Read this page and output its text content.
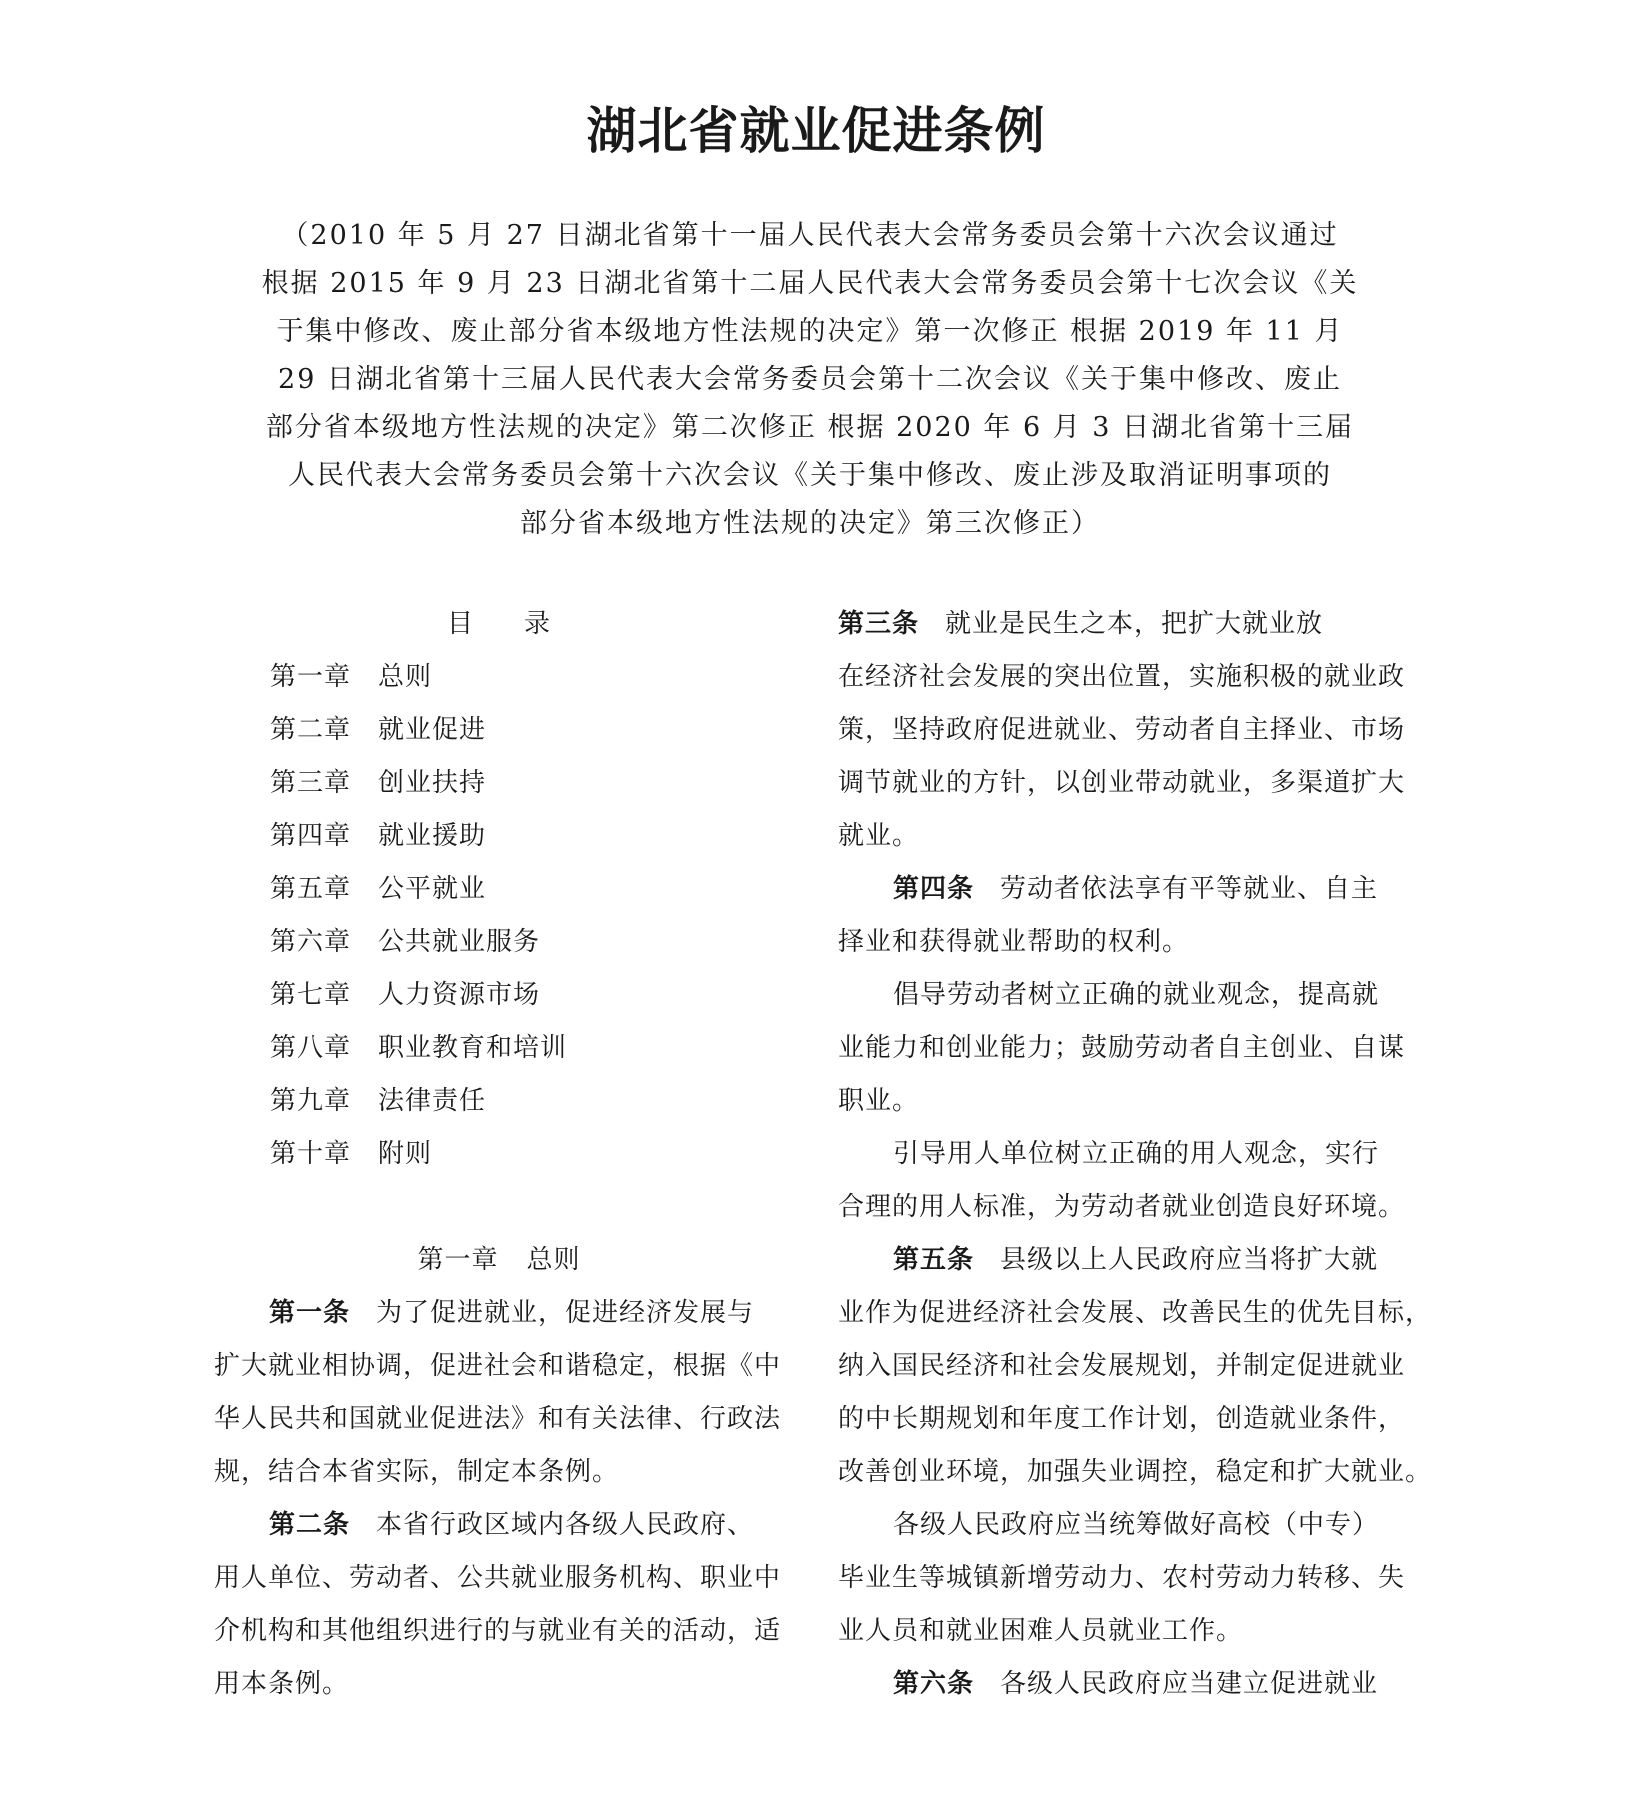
湖北省就业促进条例
（2010 年 5 月 27 日湖北省第十一届人民代表大会常务委员会第十六次会议通过
根据 2015 年 9 月 23 日湖北省第十二届人民代表大会常务委员会第十七次会议《关
于集中修改、废止部分省本级地方性法规的决定》第一次修正 根据 2019 年 11 月
29 日湖北省第十三届人民代表大会常务委员会第十二次会议《关于集中修改、废止
部分省本级地方性法规的决定》第二次修正 根据 2020 年 6 月 3 日湖北省第十三届
人民代表大会常务委员会第十六次会议《关于集中修改、废止涉及取消证明事项的
部分省本级地方性法规的决定》第三次修正）
目 录
第一章 总则
第二章 就业促进
第三章 创业扶持
第四章 就业援助
第五章 公平就业
第六章 公共就业服务
第七章 人力资源市场
第八章 职业教育和培训
第九章 法律责任
第十章 附则
第一章 总则
第一条 为了促进就业，促进经济发展与
扩大就业相协调，促进社会和谐稳定，根据《中
华人民共和国就业促进法》和有关法律、行政法
规，结合本省实际，制定本条例。
第二条 本省行政区域内各级人民政府、
用人单位、劳动者、公共就业服务机构、职业中
介机构和其他组织进行的与就业有关的活动，适
用本条例。
第三条 就业是民生之本，把扩大就业放
在经济社会发展的突出位置，实施积极的就业政
策，坚持政府促进就业、劳动者自主择业、市场
调节就业的方针，以创业带动就业，多渠道扩大
就业。
第四条 劳动者依法享有平等就业、自主
择业和获得就业帮助的权利。
倡导劳动者树立正确的就业观念，提高就
业能力和创业能力；鼓励劳动者自主创业、自谋
职业。
引导用人单位树立正确的用人观念，实行
合理的用人标准，为劳动者就业创造良好环境。
第五条 县级以上人民政府应当将扩大就
业作为促进经济社会发展、改善民生的优先目标，
纳入国民经济和社会发展规划，并制定促进就业
的中长期规划和年度工作计划，创造就业条件，
改善创业环境，加强失业调控，稳定和扩大就业。
各级人民政府应当统筹做好高校（中专）
毕业生等城镇新增劳动力、农村劳动力转移、失
业人员和就业困难人员就业工作。
第六条 各级人民政府应当建立促进就业
